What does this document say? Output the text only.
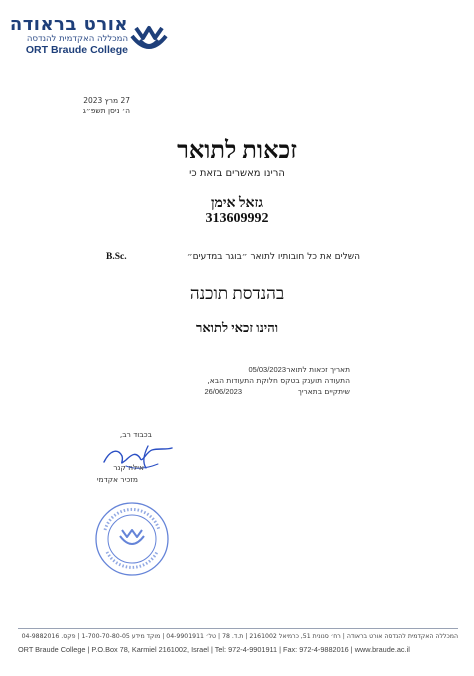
אורט בראודה
המכללה האקדמית להנדסה
ORT Braude College
27 מרץ 2023
ה׳ ניסן תשפ״ג
זכאות לתואר
הרינו מאשרים בזאת כי
גזאל אימן
313609992
השלים את כל חובותיו לתואר ״בוגר במדעים״
B.Sc.
בהנדסת תוכנה
והינו זכאי לתואר
תאריך זכאות לתואר
05/03/2023
התעודה תוענק בטקס חלוקת התעודות הבא,
שיתקיים בתאריך
26/06/2023
בכבוד רב,
אילה קנר
מזכיר אקדמי
המכללה האקדמית להנדסה אורט בראודה | רח׳ סנונית 51, כרמיאל 2161002 | ת.ד. 78 | טל׳ 04-9901911 | מוקד מידע 1-700-70-80-05 | פקס. 04-9882016
ORT Braude College | P.O.Box 78, Karmiel 2161002, Israel | Tel: 972-4-9901911 | Fax: 972-4-9882016 | www.braude.ac.il
